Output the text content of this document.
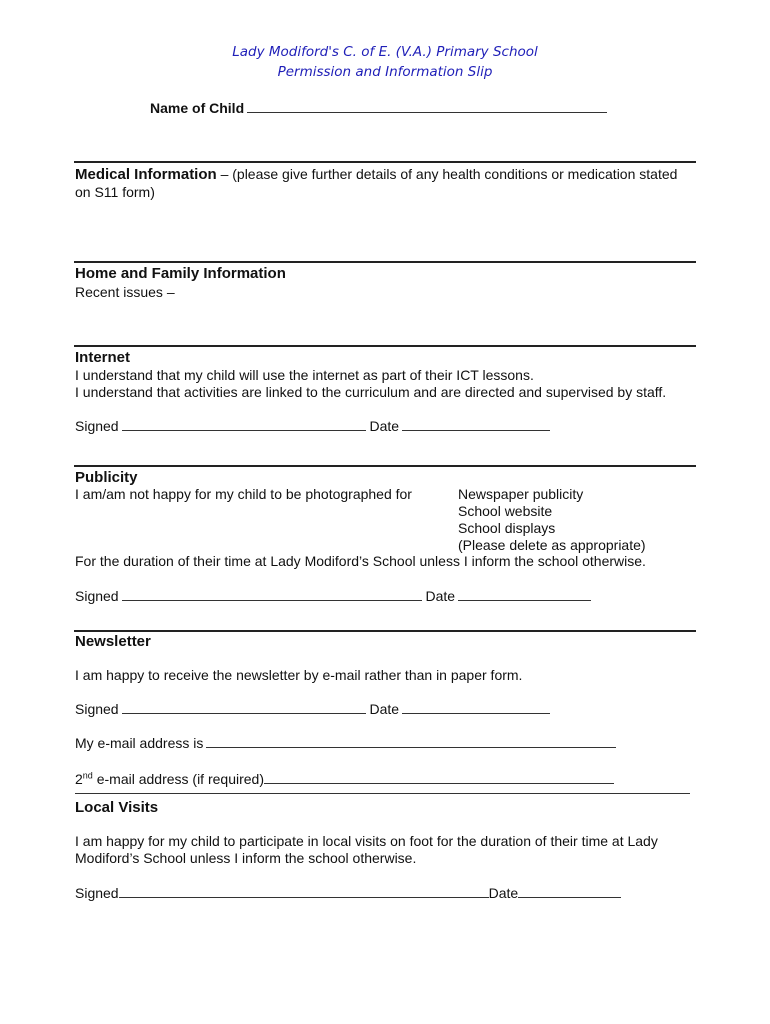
Lady Modiford's C. of E. (V.A.) Primary School
Permission and Information Slip
Name of Child
Medical Information – (please give further details of any health conditions or medication stated
on S11 form)
Home and Family Information
Recent issues –
Internet
I understand that my child will use the internet as part of their ICT lessons.
I understand that activities are linked to the curriculum and are directed and supervised by staff.
Signed	Date
Publicity
I am/am not happy for my child to be photographed for	Newspaper publicity
School website
School displays
(Please delete as appropriate)
For the duration of their time at Lady Modiford’s School unless I inform the school otherwise.
Signed	Date
Newsletter
I am happy to receive the newsletter by e-mail rather than in paper form.
Signed	Date
My e-mail address is
2nd e-mail address (if required)
Local Visits
I am happy for my child to participate in local visits on foot for the duration of their time at Lady
Modiford’s School unless I inform the school otherwise.
Signed	Date
